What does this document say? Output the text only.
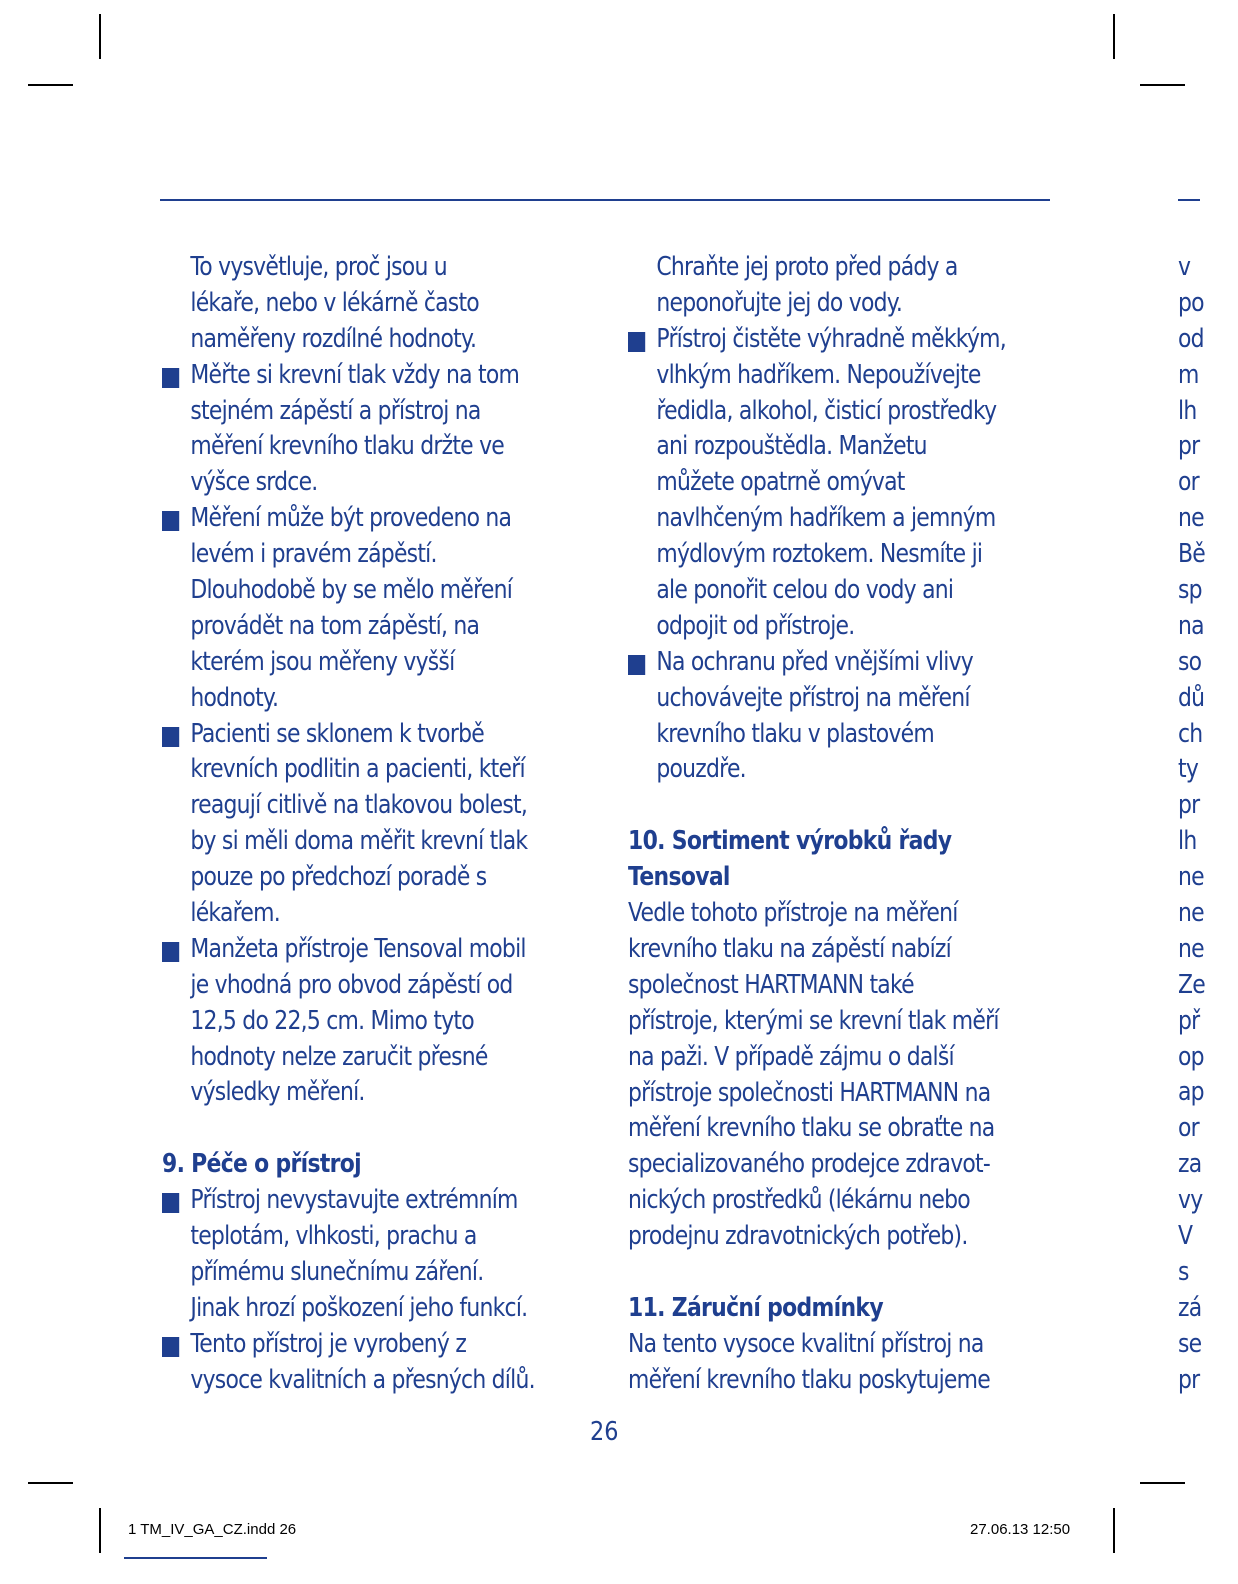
To vysvětluje, proč jsou u
lékaře, nebo v lékárně často
naměřeny rozdílné hodnoty.
Měřte si krevní tlak vždy na tom
stejném zápěstí a přístroj na
měření krevního tlaku držte ve
výšce srdce.
Měření může být provedeno na
levém i pravém zápěstí.
Dlouhodobě by se mělo měření
provádět na tom zápěstí, na
kterém jsou měřeny vyšší
hodnoty.
Pacienti se sklonem k tvorbě
krevních podlitin a pacienti, kteří
reagují citlivě na tlakovou bolest,
by si měli doma měřit krevní tlak
pouze po předchozí poradě s
lékařem.
Manžeta přístroje Tensoval mobil
je vhodná pro obvod zápěstí od
12,5 do 22,5 cm. Mimo tyto
hodnoty nelze zaručit přesné
výsledky měření.
9. Péče o přístroj
Přístroj nevystavujte extrémním
teplotám, vlhkosti, prachu a
přímému slunečnímu záření.
Jinak hrozí poškození jeho funkcí.
Tento přístroj je vyrobený z
vysoce kvalitních a přesných dílů.
Chraňte jej proto před pády a
neponořujte jej do vody.
Přístroj čistěte výhradně měkkým,
vlhkým hadříkem. Nepoužívejte
ředidla, alkohol, čisticí prostředky
ani rozpouštědla. Manžetu
můžete opatrně omývat
navlhčeným hadříkem a jemným
mýdlovým roztokem. Nesmíte ji
ale ponořit celou do vody ani
odpojit od přístroje.
Na ochranu před vnějšími vlivy
uchovávejte přístroj na měření
krevního tlaku v plastovém
pouzdře.
10. Sortiment výrobků řady
Tensoval
Vedle tohoto přístroje na měření
krevního tlaku na zápěstí nabízí
společnost HARTMANN také
přístroje, kterými se krevní tlak měří
na paži. V případě zájmu o další
přístroje společnosti HARTMANN na
měření krevního tlaku se obraťte na
specializovaného prodejce zdravot-
nických prostředků (lékárnu nebo
prodejnu zdravotnických potřeb).
11. Záruční podmínky
Na tento vysoce kvalitní přístroj na
měření krevního tlaku poskytujeme
v
po
od
m
lh
pr
or
ne
Bě
sp
na
so
dů
ch
ty
pr
lh
ne
ne
ne
Ze
př
op
ap
or
za
vy
V
s
zá
se
pr
26
1 TM_IV_GA_CZ.indd 26	27.06.13 12:50
